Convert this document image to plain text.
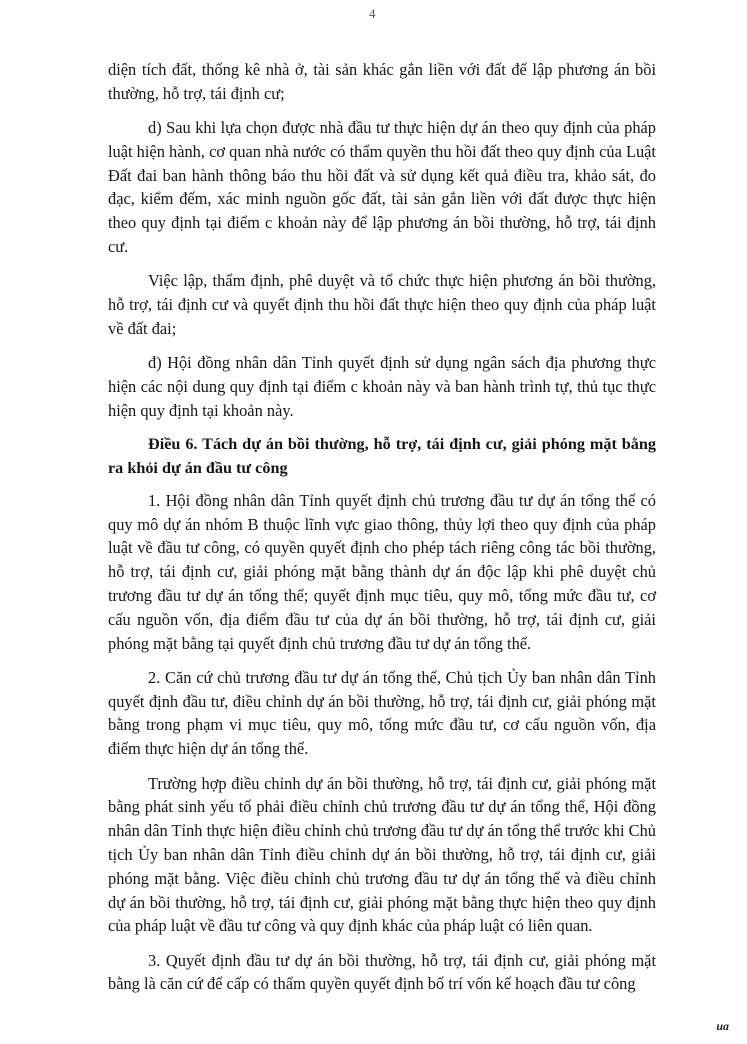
4

diện tích đất, thống kê nhà ở, tài sản khác gắn liền với đất để lập phương án bồi thường, hỗ trợ, tái định cư;

d) Sau khi lựa chọn được nhà đầu tư thực hiện dự án theo quy định của pháp luật hiện hành, cơ quan nhà nước có thẩm quyền thu hồi đất theo quy định của Luật Đất đai ban hành thông báo thu hồi đất và sử dụng kết quả điều tra, khảo sát, đo đạc, kiểm đếm, xác minh nguồn gốc đất, tài sản gắn liền với đất được thực hiện theo quy định tại điểm c khoản này để lập phương án bồi thường, hỗ trợ, tái định cư.

Việc lập, thẩm định, phê duyệt và tổ chức thực hiện phương án bồi thường, hỗ trợ, tái định cư và quyết định thu hồi đất thực hiện theo quy định của pháp luật về đất đai;

đ) Hội đồng nhân dân Tỉnh quyết định sử dụng ngân sách địa phương thực hiện các nội dung quy định tại điểm c khoản này và ban hành trình tự, thủ tục thực hiện quy định tại khoản này.

Điều 6. Tách dự án bồi thường, hỗ trợ, tái định cư, giải phóng mặt bằng ra khỏi dự án đầu tư công

1. Hội đồng nhân dân Tỉnh quyết định chủ trương đầu tư dự án tổng thể có quy mô dự án nhóm B thuộc lĩnh vực giao thông, thủy lợi theo quy định của pháp luật về đầu tư công, có quyền quyết định cho phép tách riêng công tác bồi thường, hỗ trợ, tái định cư, giải phóng mặt bằng thành dự án độc lập khi phê duyệt chủ trương đầu tư dự án tổng thể; quyết định mục tiêu, quy mô, tổng mức đầu tư, cơ cấu nguồn vốn, địa điểm đầu tư của dự án bồi thường, hỗ trợ, tái định cư, giải phóng mặt bằng tại quyết định chủ trương đầu tư dự án tổng thể.

2. Căn cứ chủ trương đầu tư dự án tổng thể, Chủ tịch Ủy ban nhân dân Tỉnh quyết định đầu tư, điều chỉnh dự án bồi thường, hỗ trợ, tái định cư, giải phóng mặt bằng trong phạm vi mục tiêu, quy mô, tổng mức đầu tư, cơ cấu nguồn vốn, địa điểm thực hiện dự án tổng thể.

Trường hợp điều chỉnh dự án bồi thường, hỗ trợ, tái định cư, giải phóng mặt bằng phát sinh yếu tố phải điều chỉnh chủ trương đầu tư dự án tổng thể, Hội đồng nhân dân Tỉnh thực hiện điều chỉnh chủ trương đầu tư dự án tổng thể trước khi Chủ tịch Ủy ban nhân dân Tỉnh điều chỉnh dự án bồi thường, hỗ trợ, tái định cư, giải phóng mặt bằng. Việc điều chỉnh chủ trương đầu tư dự án tổng thể và điều chỉnh dự án bồi thường, hỗ trợ, tái định cư, giải phóng mặt bằng thực hiện theo quy định của pháp luật về đầu tư công và quy định khác của pháp luật có liên quan.

3. Quyết định đầu tư dự án bồi thường, hỗ trợ, tái định cư, giải phóng mặt bằng là căn cứ để cấp có thẩm quyền quyết định bố trí vốn kế hoạch đầu tư công

ua
